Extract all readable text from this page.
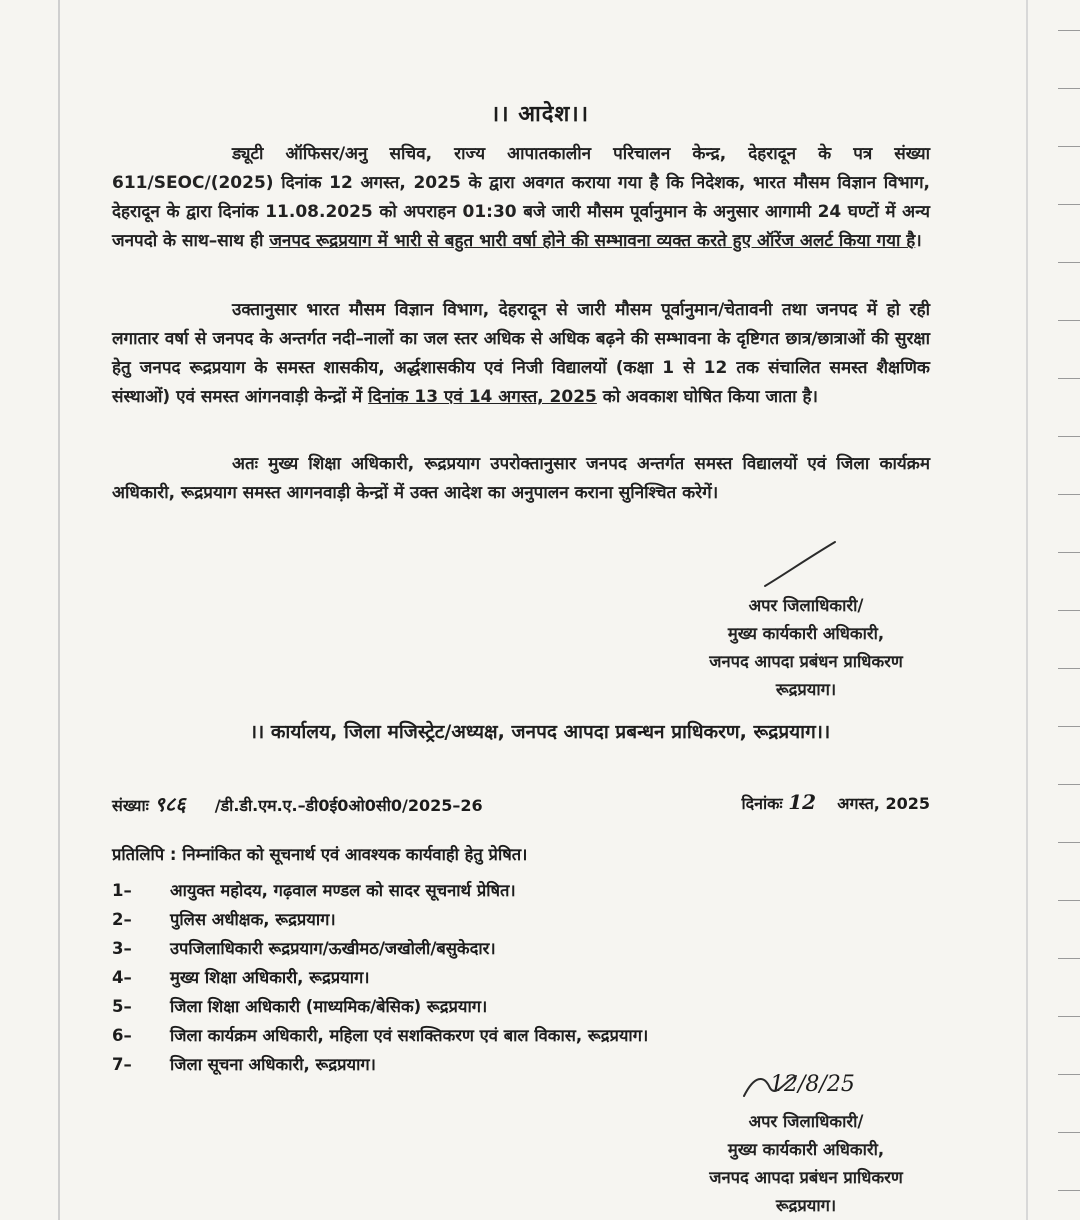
।। आदेश।।
ड्यूटी ऑफिसर/अनु सचिव, राज्य आपातकालीन परिचालन केन्द्र, देहरादून के पत्र संख्या 611/SEOC/(2025) दिनांक 12 अगस्त, 2025 के द्वारा अवगत कराया गया है कि निदेशक, भारत मौसम विज्ञान विभाग, देहरादून के द्वारा दिनांक 11.08.2025 को अपराहन 01:30 बजे जारी मौसम पूर्वानुमान के अनुसार आगामी 24 घण्टों में अन्य जनपदो के साथ–साथ ही जनपद रूद्रप्रयाग में भारी से बहुत भारी वर्षा होने की सम्भावना व्यक्त करते हुए ऑरेंज अलर्ट किया गया है।
उक्तानुसार भारत मौसम विज्ञान विभाग, देहरादून से जारी मौसम पूर्वानुमान/चेतावनी तथा जनपद में हो रही लगातार वर्षा से जनपद के अन्तर्गत नदी–नालों का जल स्तर अधिक से अधिक बढ़ने की सम्भावना के दृष्टिगत छात्र/छात्राओं की सुरक्षा हेतु जनपद रूद्रप्रयाग के समस्त शासकीय, अर्द्धशासकीय एवं निजी विद्यालयों (कक्षा 1 से 12 तक संचालित समस्त शैक्षणिक संस्थाओं) एवं समस्त आंगनवाड़ी केन्द्रों में दिनांक 13 एवं 14 अगस्त, 2025 को अवकाश घोषित किया जाता है।
अतः मुख्य शिक्षा अधिकारी, रूद्रप्रयाग उपरोक्तानुसार जनपद अन्तर्गत समस्त विद्यालयों एवं जिला कार्यक्रम अधिकारी, रूद्रप्रयाग समस्त आगनवाड़ी केन्द्रों में उक्त आदेश का अनुपालन कराना सुनिश्चित करेगें।
अपर जिलाधिकारी/
मुख्य कार्यकारी अधिकारी,
जनपद आपदा प्रबंधन प्राधिकरण
रूद्रप्रयाग।
।। कार्यालय, जिला मजिस्ट्रेट/अध्यक्ष, जनपद आपदा प्रबन्धन प्राधिकरण, रूद्रप्रयाग।।
संख्याः ९८६ /डी.डी.एम.ए.–डी0ई0ओ0सी0/2025–26	दिनांकः 12 अगस्त, 2025
प्रतिलिपि : निम्नांकित को सूचनार्थ एवं आवश्यक कार्यवाही हेतु प्रेषित।
1–	आयुक्त महोदय, गढ़वाल मण्डल को सादर सूचनार्थ प्रेषित।
2–	पुलिस अधीक्षक, रूद्रप्रयाग।
3–	उपजिलाधिकारी रूद्रप्रयाग/ऊखीमठ/जखोली/बसुकेदार।
4–	मुख्य शिक्षा अधिकारी, रूद्रप्रयाग।
5–	जिला शिक्षा अधिकारी (माध्यमिक/बेसिक) रूद्रप्रयाग।
6–	जिला कार्यक्रम अधिकारी, महिला एवं सशक्तिकरण एवं बाल विकास, रूद्रप्रयाग।
7–	जिला सूचना अधिकारी, रूद्रप्रयाग।
12/8/25
अपर जिलाधिकारी/
मुख्य कार्यकारी अधिकारी,
जनपद आपदा प्रबंधन प्राधिकरण
रूद्रप्रयाग।
